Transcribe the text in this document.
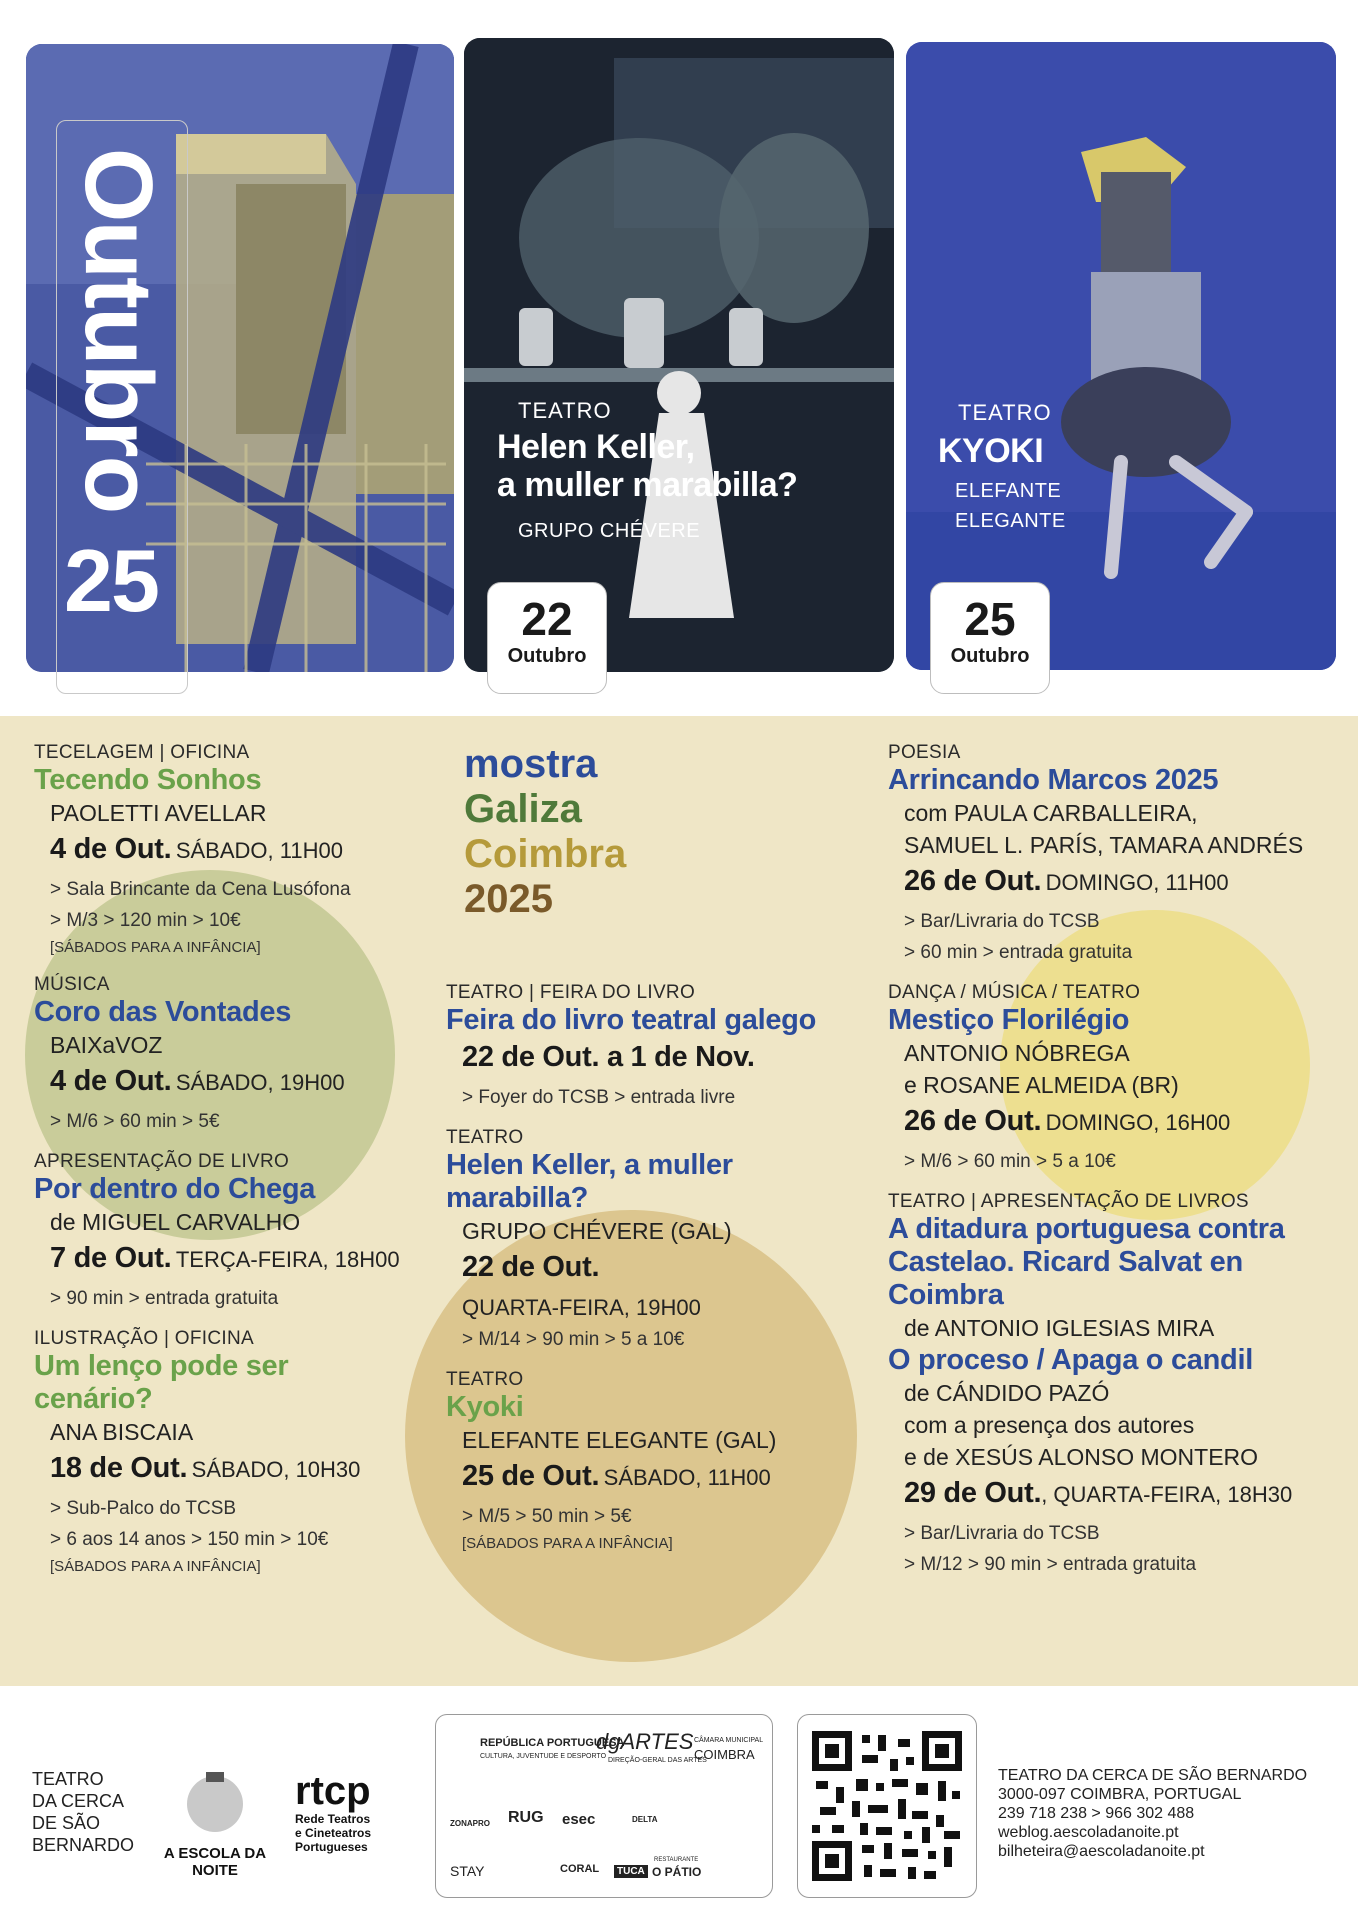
Outubro
25
TEATRO
Helen Keller,
a muller marabilla?
GRUPO CHÉVERE
22
Outubro
TEATRO
KYOKI
ELEFANTE
ELEGANTE
25
Outubro
mostra
Galiza
Coimbra
2025
TECELAGEM | OFICINA
Tecendo Sonhos
PAOLETTI AVELLAR
4 de Out. SÁBADO, 11H00
> Sala Brincante da Cena Lusófona
> M/3 > 120 min > 10€
[SÁBADOS PARA A INFÂNCIA]
MÚSICA
Coro das Vontades
BAIXaVOZ
4 de Out. SÁBADO, 19H00
> M/6 > 60 min > 5€
APRESENTAÇÃO DE LIVRO
Por dentro do Chega
de MIGUEL CARVALHO
7 de Out. TERÇA-FEIRA, 18H00
> 90 min > entrada gratuita
ILUSTRAÇÃO | OFICINA
Um lenço pode ser
cenário?
ANA BISCAIA
18 de Out. SÁBADO, 10H30
> Sub-Palco do TCSB
> 6 aos 14 anos > 150 min > 10€
[SÁBADOS PARA A INFÂNCIA]
TEATRO | FEIRA DO LIVRO
Feira do livro teatral galego
22 de Out. a 1 de Nov.
> Foyer do TCSB > entrada livre
TEATRO
Helen Keller, a muller
marabilla?
GRUPO CHÉVERE (GAL)
22 de Out.
QUARTA-FEIRA, 19H00
> M/14 > 90 min > 5 a 10€
TEATRO
Kyoki
ELEFANTE ELEGANTE (GAL)
25 de Out. SÁBADO, 11H00
> M/5 > 50 min > 5€
[SÁBADOS PARA A INFÂNCIA]
POESIA
Arrincando Marcos 2025
com PAULA CARBALLEIRA,
SAMUEL L. PARÍS, TAMARA ANDRÉS
26 de Out. DOMINGO, 11H00
> Bar/Livraria do TCSB
> 60 min > entrada gratuita
DANÇA / MÚSICA / TEATRO
Mestiço Florilégio
ANTONIO NÓBREGA
e ROSANE ALMEIDA (BR)
26 de Out. DOMINGO, 16H00
> M/6 > 60 min > 5 a 10€
TEATRO | APRESENTAÇÃO DE LIVROS
A ditadura portuguesa contra
Castelao. Ricard Salvat en
Coimbra
de ANTONIO IGLESIAS MIRA
O proceso / Apaga o candil
de CÁNDIDO PAZÓ
com a presença dos autores
e de XESÚS ALONSO MONTERO
29 de Out., QUARTA-FEIRA, 18H30
> Bar/Livraria do TCSB
> M/12 > 90 min > entrada gratuita
TEATRO
DA CERCA
DE SÃO
BERNARDO A ESCOLA DA NOITE
rtcp
Rede Teatros
e Cineteatros
Portugueses
REPÚBLICA PORTUGUESA
CULTURA, JUVENTUDE E DESPORTO
dgARTES
DIREÇÃO-GERAL DAS ARTES
CÂMARA MUNICIPAL
COIMBRA
ZONAPRO RUG esec	DELTA
STAY	CORAL	TUCA
RESTAURANTE
O PÁTIO
TEATRO DA CERCA DE SÃO BERNARDO
3000-097 COIMBRA, PORTUGAL
239 718 238 > 966 302 488
weblog.aescoladanoite.pt
bilheteira@aescoladanoite.pt
